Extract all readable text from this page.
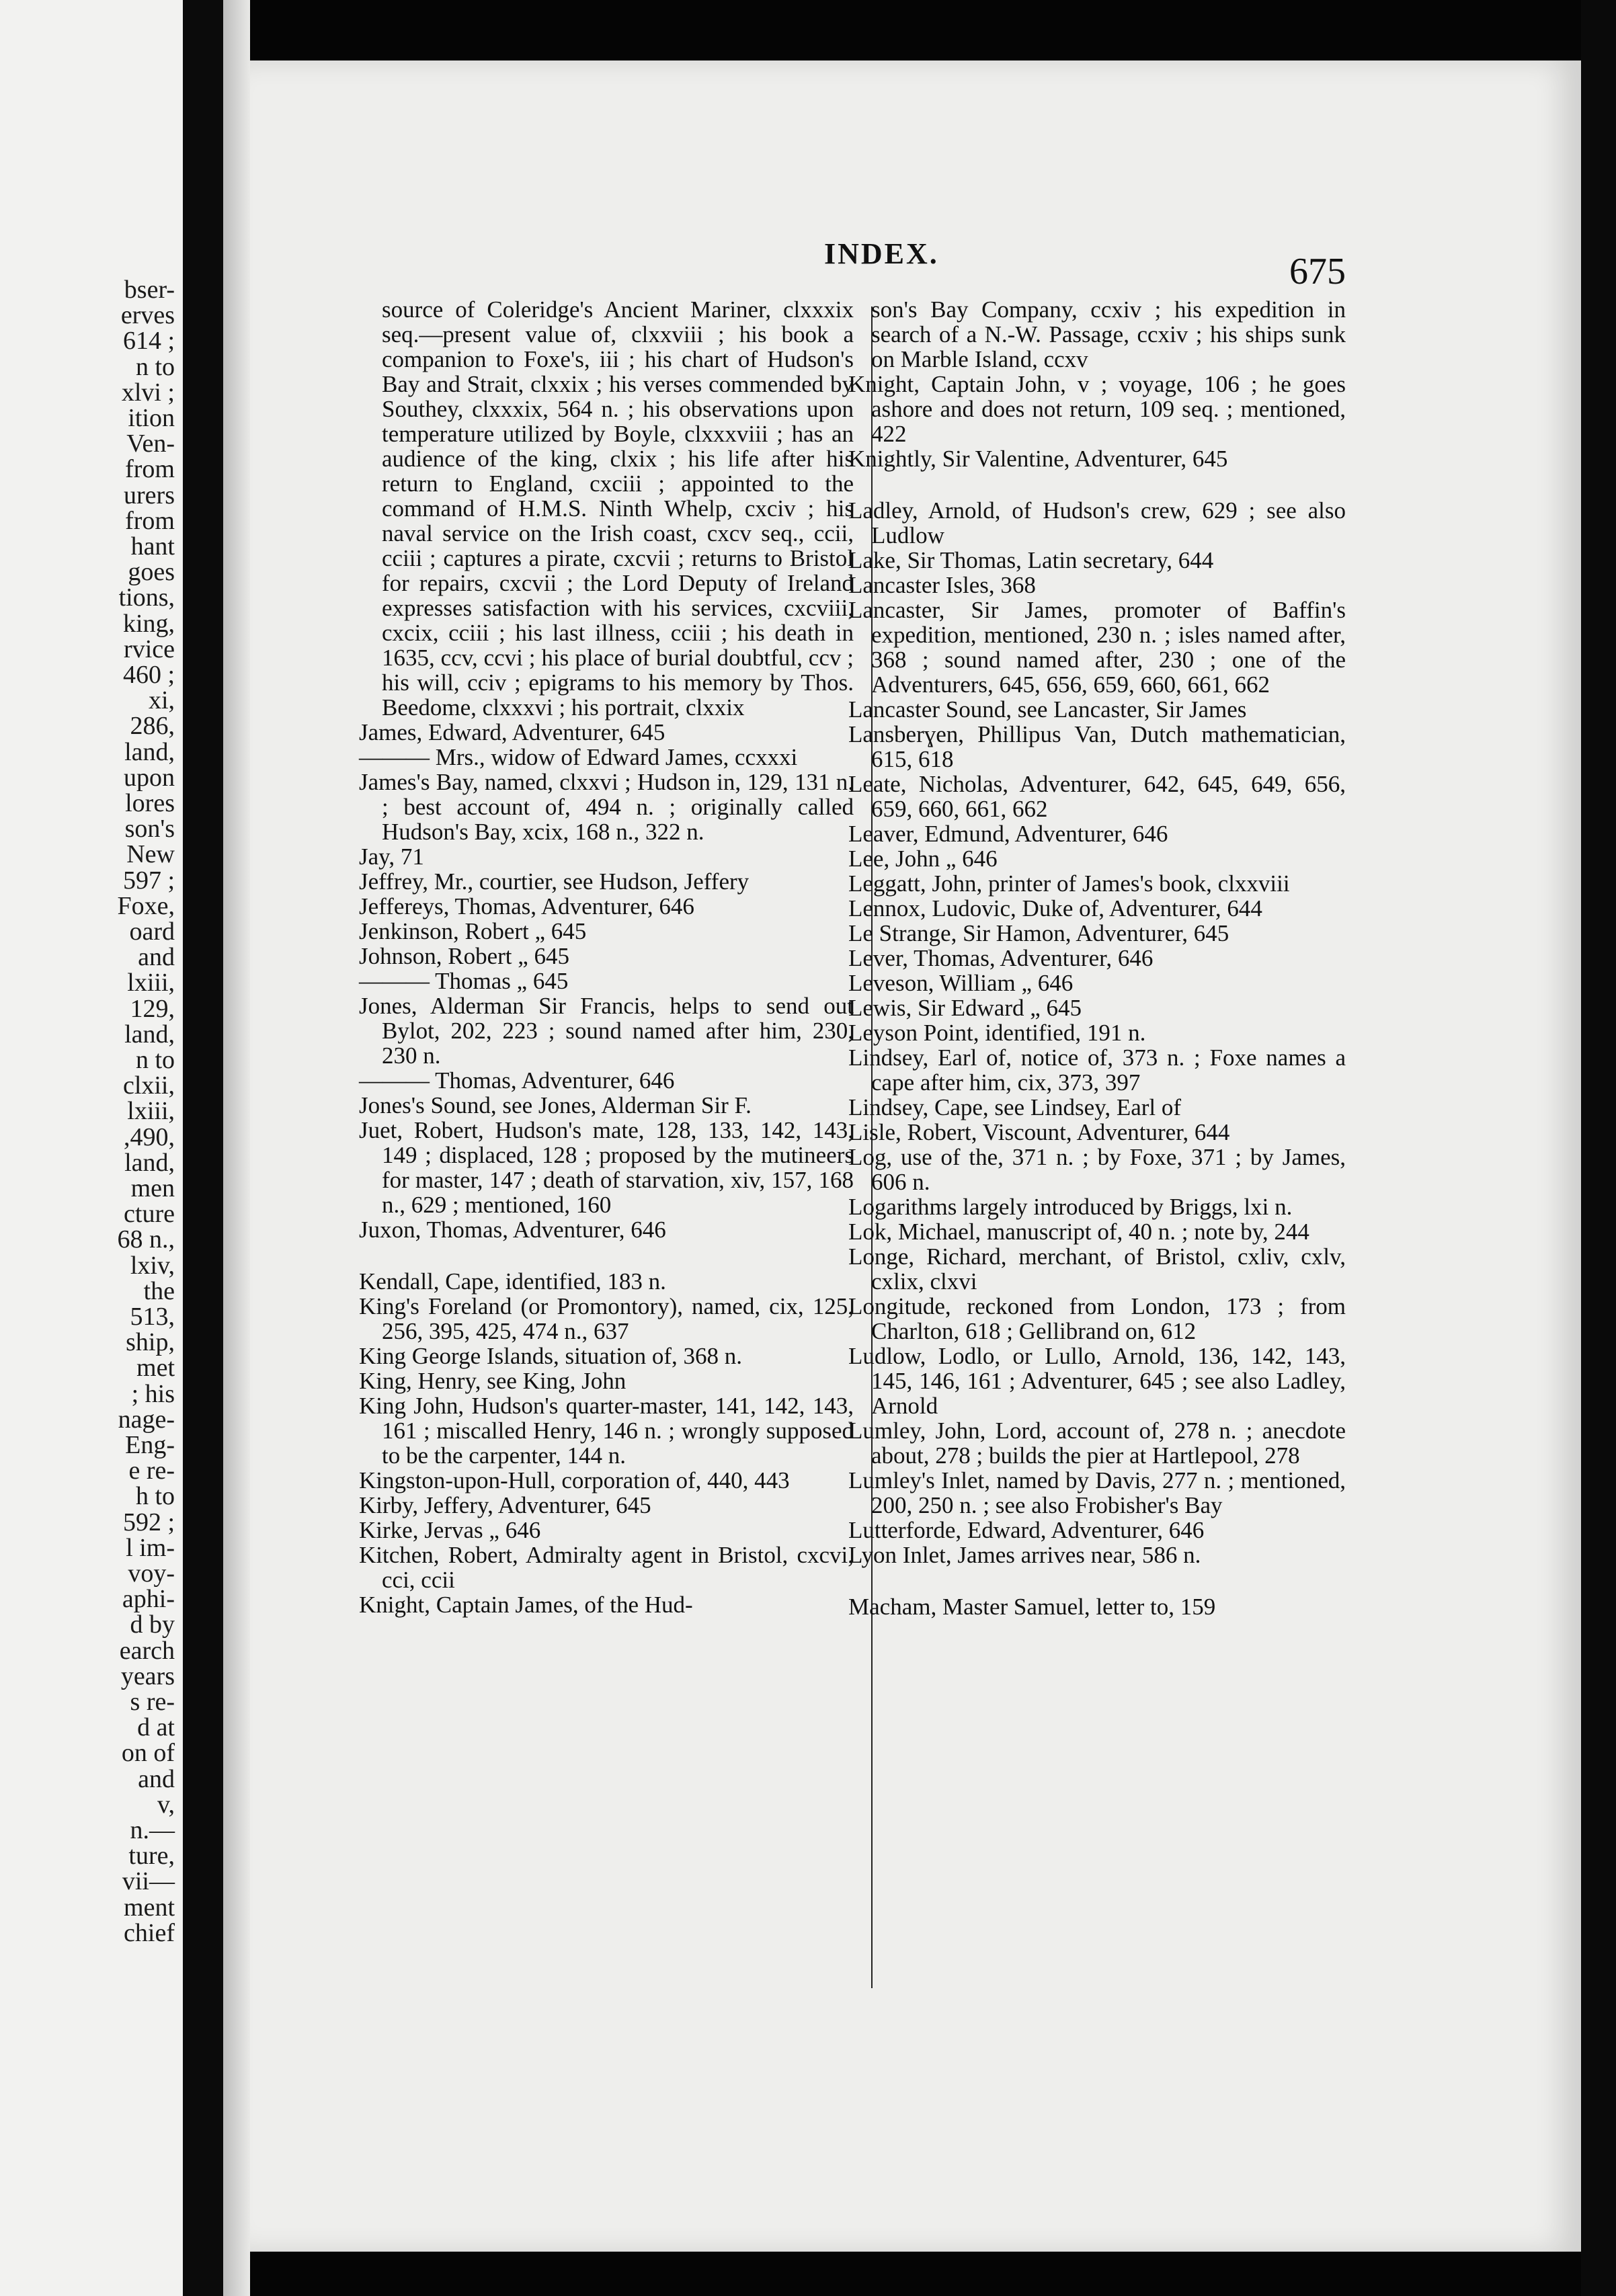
bser-
erves
614 ;
n to
xlvi ;
ition
Ven-
from
urers
from
hant
goes
tions,
king,
rvice
460 ;
xi,
286,
land,
upon
lores
son's
New
597 ;
Foxe,
oard
and
lxiii,
129,
land,
n to
clxii,
lxiii,
,490,
land,
men
cture
68 n.,
lxiv,
the
513,
ship,
met
; his
nage-
Eng-
e re-
h to
592 ;
l im-
voy-
aphi-
d by
earch
years
s re-
d at
on of
and
v,
n.—
ture,
vii—
ment
chief
INDEX.	675

source of Coleridge's Ancient Mariner, clxxxix seq.—present value of, clxxviii ; his book a companion to Foxe's, iii ; his chart of Hudson's Bay and Strait, clxxix ; his verses commended by Southey, clxxxix, 564 n. ; his observations upon temperature utilized by Boyle, clxxxviii ; has an audience of the king, clxix ; his life after his return to England, cxciii ; appointed to the command of H.M.S. Ninth Whelp, cxciv ; his naval service on the Irish coast, cxcv seq., ccii, cciii ; captures a pirate, cxcvii ; returns to Bristol for repairs, cxcvii ; the Lord Deputy of Ireland expresses satisfaction with his services, cxcviii, cxcix, cciii ; his last illness, cciii ; his death in 1635, ccv, ccvi ; his place of burial doubtful, ccv ; his will, cciv ; epigrams to his memory by Thos. Beedome, clxxxvi ; his portrait, clxxix

James, Edward, Adventurer, 645

——— Mrs., widow of Edward James, ccxxxi

James's Bay, named, clxxvi ; Hudson in, 129, 131 n. ; best account of, 494 n. ; originally called Hudson's Bay, xcix, 168 n., 322 n.

Jay, 71

Jeffrey, Mr., courtier, see Hudson, Jeffery

Jeffereys, Thomas, Adventurer, 646

Jenkinson, Robert „ 645

Johnson, Robert „ 645

——— Thomas „ 645

Jones, Alderman Sir Francis, helps to send out Bylot, 202, 223 ; sound named after him, 230, 230 n.

——— Thomas, Adventurer, 646

Jones's Sound, see Jones, Alderman Sir F.

Juet, Robert, Hudson's mate, 128, 133, 142, 143, 149 ; displaced, 128 ; proposed by the mutineers for master, 147 ; death of starvation, xiv, 157, 168 n., 629 ; mentioned, 160

Juxon, Thomas, Adventurer, 646

Kendall, Cape, identified, 183 n.

King's Foreland (or Promontory), named, cix, 125, 256, 395, 425, 474 n., 637

King George Islands, situation of, 368 n.

King, Henry, see King, John

King John, Hudson's quarter-master, 141, 142, 143, 161 ; miscalled Henry, 146 n. ; wrongly supposed to be the carpenter, 144 n.

Kingston-upon-Hull, corporation of, 440, 443

Kirby, Jeffery, Adventurer, 645

Kirke, Jervas „ 646

Kitchen, Robert, Admiralty agent in Bristol, cxcvi, cci, ccii

Knight, Captain James, of the Hud-

son's Bay Company, ccxiv ; his expedition in search of a N.-W. Passage, ccxiv ; his ships sunk on Marble Island, ccxv

Knight, Captain John, v ; voyage, 106 ; he goes ashore and does not return, 109 seq. ; mentioned, 422

Knightly, Sir Valentine, Adventurer, 645

Ladley, Arnold, of Hudson's crew, 629 ; see also Ludlow

Lake, Sir Thomas, Latin secretary, 644

Lancaster Isles, 368

Lancaster, Sir James, promoter of Baffin's expedition, mentioned, 230 n. ; isles named after, 368 ; sound named after, 230 ; one of the Adventurers, 645, 656, 659, 660, 661, 662

Lancaster Sound, see Lancaster, Sir James

Lansberɣen, Phillipus Van, Dutch mathematician, 615, 618

Leate, Nicholas, Adventurer, 642, 645, 649, 656, 659, 660, 661, 662

Leaver, Edmund, Adventurer, 646

Lee, John „ 646

Leggatt, John, printer of James's book, clxxviii

Lennox, Ludovic, Duke of, Adventurer, 644

Le Strange, Sir Hamon, Adventurer, 645

Lever, Thomas, Adventurer, 646

Leveson, William „ 646

Lewis, Sir Edward „ 645

Leyson Point, identified, 191 n.

Lindsey, Earl of, notice of, 373 n. ; Foxe names a cape after him, cix, 373, 397

Lindsey, Cape, see Lindsey, Earl of

Lisle, Robert, Viscount, Adventurer, 644

Log, use of the, 371 n. ; by Foxe, 371 ; by James, 606 n.

Logarithms largely introduced by Briggs, lxi n.

Lok, Michael, manuscript of, 40 n. ; note by, 244

Longe, Richard, merchant, of Bristol, cxliv, cxlv, cxlix, clxvi

Longitude, reckoned from London, 173 ; from Charlton, 618 ; Gellibrand on, 612

Ludlow, Lodlo, or Lullo, Arnold, 136, 142, 143, 145, 146, 161 ; Adventurer, 645 ; see also Ladley, Arnold

Lumley, John, Lord, account of, 278 n. ; anecdote about, 278 ; builds the pier at Hartlepool, 278

Lumley's Inlet, named by Davis, 277 n. ; mentioned, 200, 250 n. ; see also Frobisher's Bay

Lutterforde, Edward, Adventurer, 646

Lyon Inlet, James arrives near, 586 n.

Macham, Master Samuel, letter to, 159
